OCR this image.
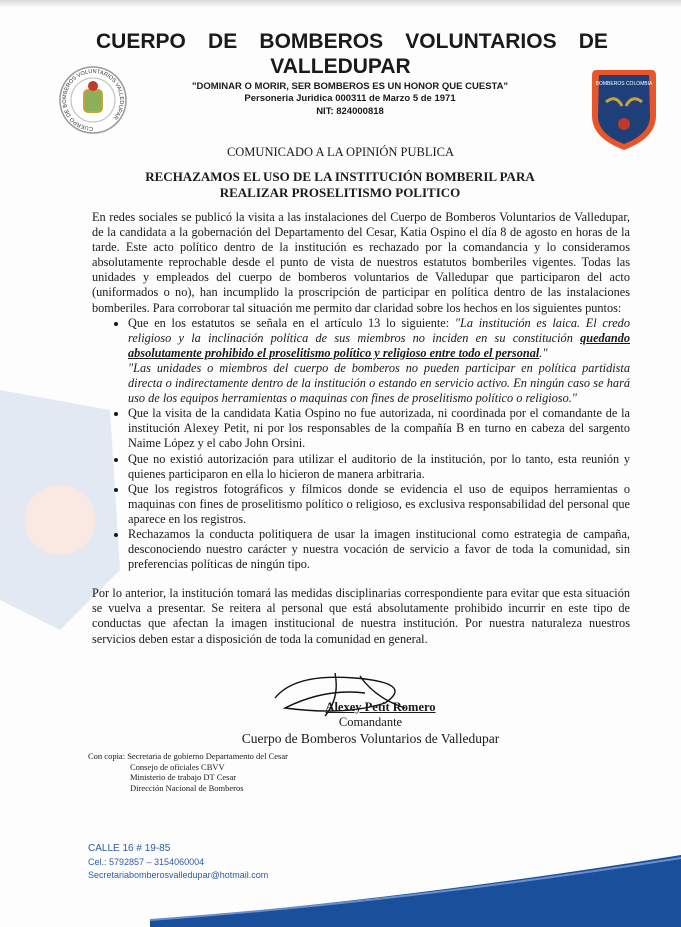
CUERPO DE BOMBEROS VOLUNTARIOS VALLEDUPAR
BOMBEROS COLOMBIA
CUERPO DE BOMBEROS VOLUNTARIOS DE
VALLEDUPAR
"DOMINAR O MORIR, SER BOMBEROS ES UN HONOR QUE CUESTA"
Personeria Juridica 000311 de Marzo 5 de 1971
NIT: 824000818
COMUNICADO A LA OPINIÓN PUBLICA
RECHAZAMOS EL USO DE LA INSTITUCIÓN BOMBERIL PARA REALIZAR PROSELITISMO POLITICO

En redes sociales se publicó la visita a las instalaciones del Cuerpo de Bomberos Voluntarios de Valledupar, de la candidata a la gobernación del Departamento del Cesar, Katia Ospino el día 8 de agosto en horas de la tarde. Este acto político dentro de la institución es rechazado por la comandancia y lo consideramos absolutamente reprochable desde el punto de vista de nuestros estatutos bomberiles vigentes. Todas las unidades y empleados del cuerpo de bomberos voluntarios de Valledupar que participaron del acto (uniformados o no), han incumplido la proscripción de participar en política dentro de las instalaciones bomberiles. Para corroborar tal situación me permito dar claridad sobre los hechos en los siguientes puntos:

• Que en los estatutos se señala en el artículo 13 lo siguiente: "La institución es laica. El credo religioso y la inclinación política de sus miembros no inciden en su constitución quedando absolutamente prohibido el proselitismo político y religioso entre todo el personal."
"Las unidades o miembros del cuerpo de bomberos no pueden participar en política partidista directa o indirectamente dentro de la institución o estando en servicio activo. En ningún caso se hará uso de los equipos herramientas o maquinas con fines de proselitismo político o religioso."
• Que la visita de la candidata Katia Ospino no fue autorizada, ni coordinada por el comandante de la institución Alexey Petit, ni por los responsables de la compañía B en turno en cabeza del sargento Naime López y el cabo John Orsini.
• Que no existió autorización para utilizar el auditorio de la institución, por lo tanto, esta reunión y quienes participaron en ella lo hicieron de manera arbitraria.
• Que los registros fotográficos y fílmicos donde se evidencia el uso de equipos herramientas o maquinas con fines de proselitismo político o religioso, es exclusiva responsabilidad del personal que aparece en los registros.
• Rechazamos la conducta politiquera de usar la imagen institucional como estrategia de campaña, desconociendo nuestro carácter y nuestra vocación de servicio a favor de toda la comunidad, sin preferencias políticas de ningún tipo.

Por lo anterior, la institución tomará las medidas disciplinarias correspondiente para evitar que esta situación se vuelva a presentar. Se reitera al personal que está absolutamente prohibido incurrir en este tipo de conductas que afectan la imagen institucional de nuestra institución. Por nuestra naturaleza nuestros servicios deben estar a disposición de toda la comunidad en general.

Alexey Petit Romero
Comandante
Cuerpo de Bomberos Voluntarios de Valledupar
Con copia: Secretaria de gobierno Departamento del Cesar
Consejo de oficiales CBVV
Ministerio de trabajo DT Cesar
Dirección Nacional de Bomberos
CALLE 16 # 19-85
Cel.: 5792857 – 3154060004
Secretariabomberosvalledupar@hotmail.com
